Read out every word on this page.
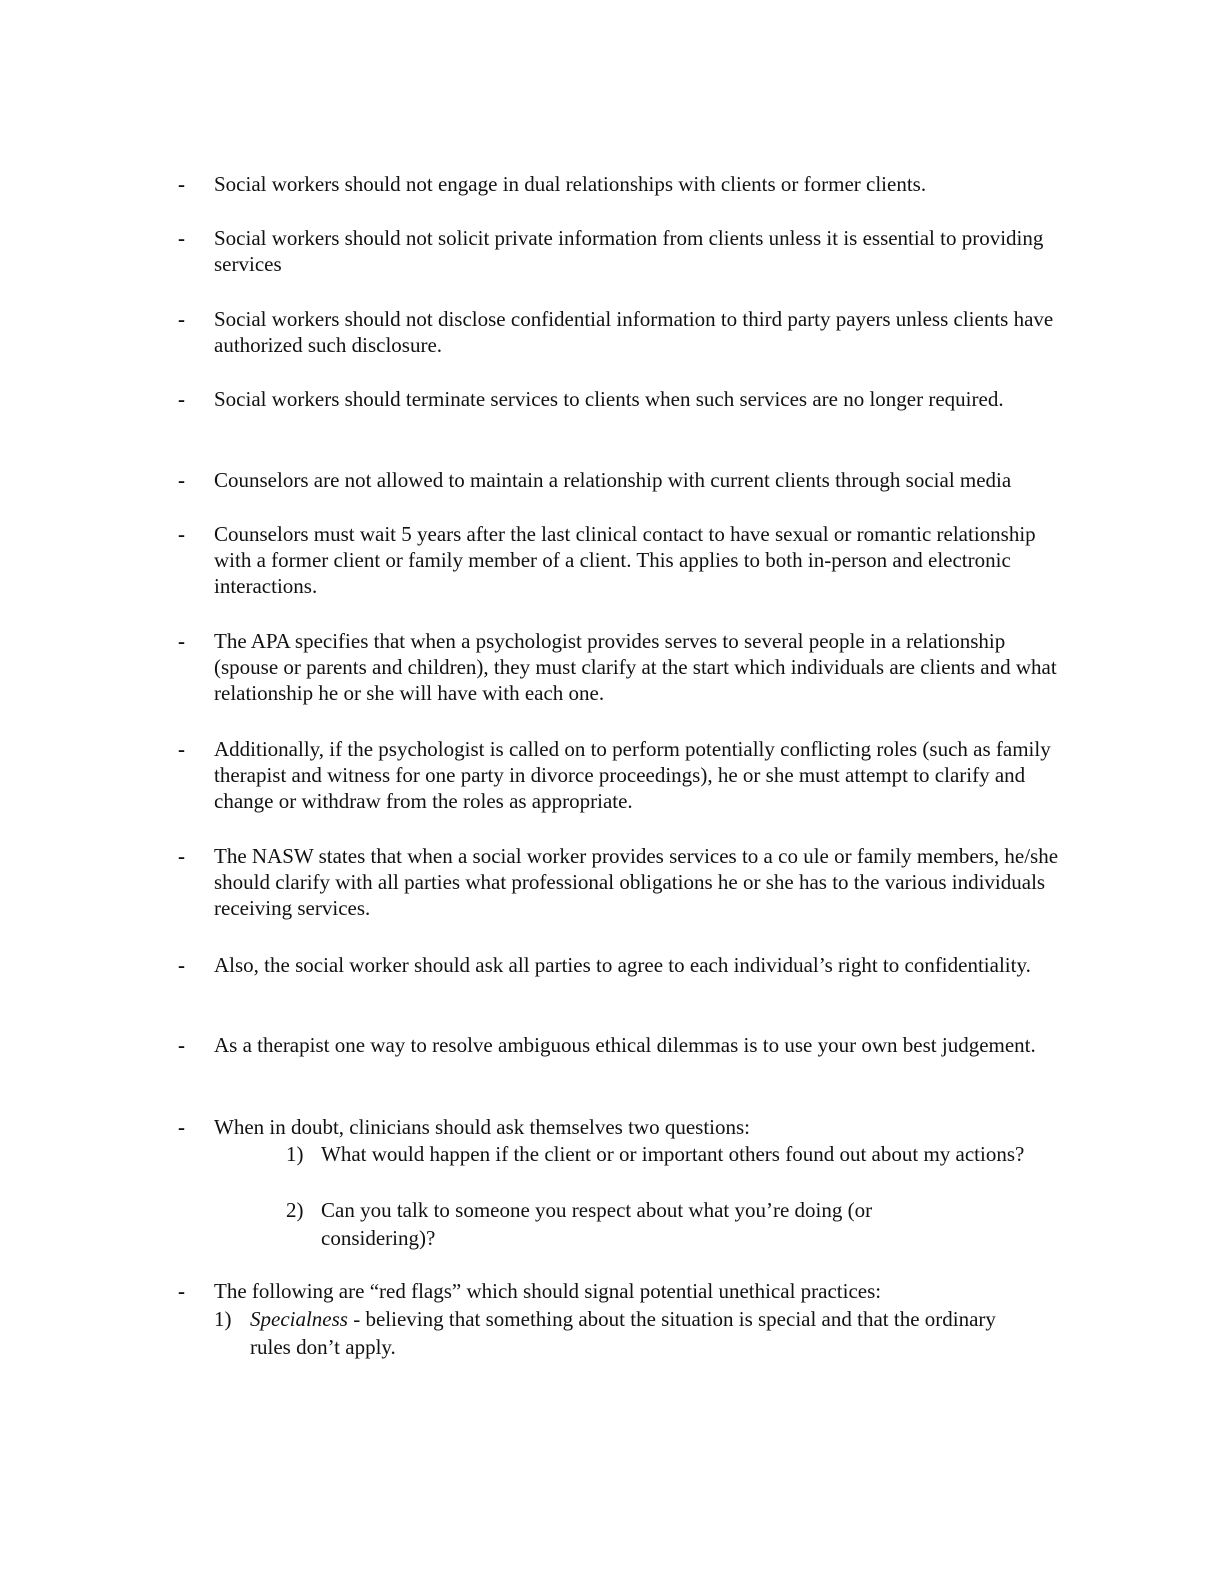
- Social workers should not engage in dual relationships with clients or former clients.
- Social workers should not solicit private information from clients unless it is essential to providing services
- Social workers should not disclose confidential information to third party payers unless clients have authorized such disclosure.
- Social workers should terminate services to clients when such services are no longer required.
- Counselors are not allowed to maintain a relationship with current clients through social media
- Counselors must wait 5 years after the last clinical contact to have sexual or romantic relationship with a former client or family member of a client. This applies to both in-person and electronic interactions.
- The APA specifies that when a psychologist provides serves to several people in a relationship (spouse or parents and children), they must clarify at the start which individuals are clients and what relationship he or she will have with each one.
- Additionally, if the psychologist is called on to perform potentially conflicting roles (such as family therapist and witness for one party in divorce proceedings), he or she must attempt to clarify and change or withdraw from the roles as appropriate.
- The NASW states that when a social worker provides services to a co ule or family members, he/she should clarify with all parties what professional obligations he or she has to the various individuals receiving services.
- Also, the social worker should ask all parties to agree to each individual’s right to confidentiality.
- As a therapist one way to resolve ambiguous ethical dilemmas is to use your own best judgement.
- When in doubt, clinicians should ask themselves two questions:
1) What would happen if the client or or important others found out about my actions?
2) Can you talk to someone you respect about what you’re doing (or considering)?
- The following are “red flags” which should signal potential unethical practices:
1) Specialness - believing that something about the situation is special and that the ordinary rules don’t apply.
